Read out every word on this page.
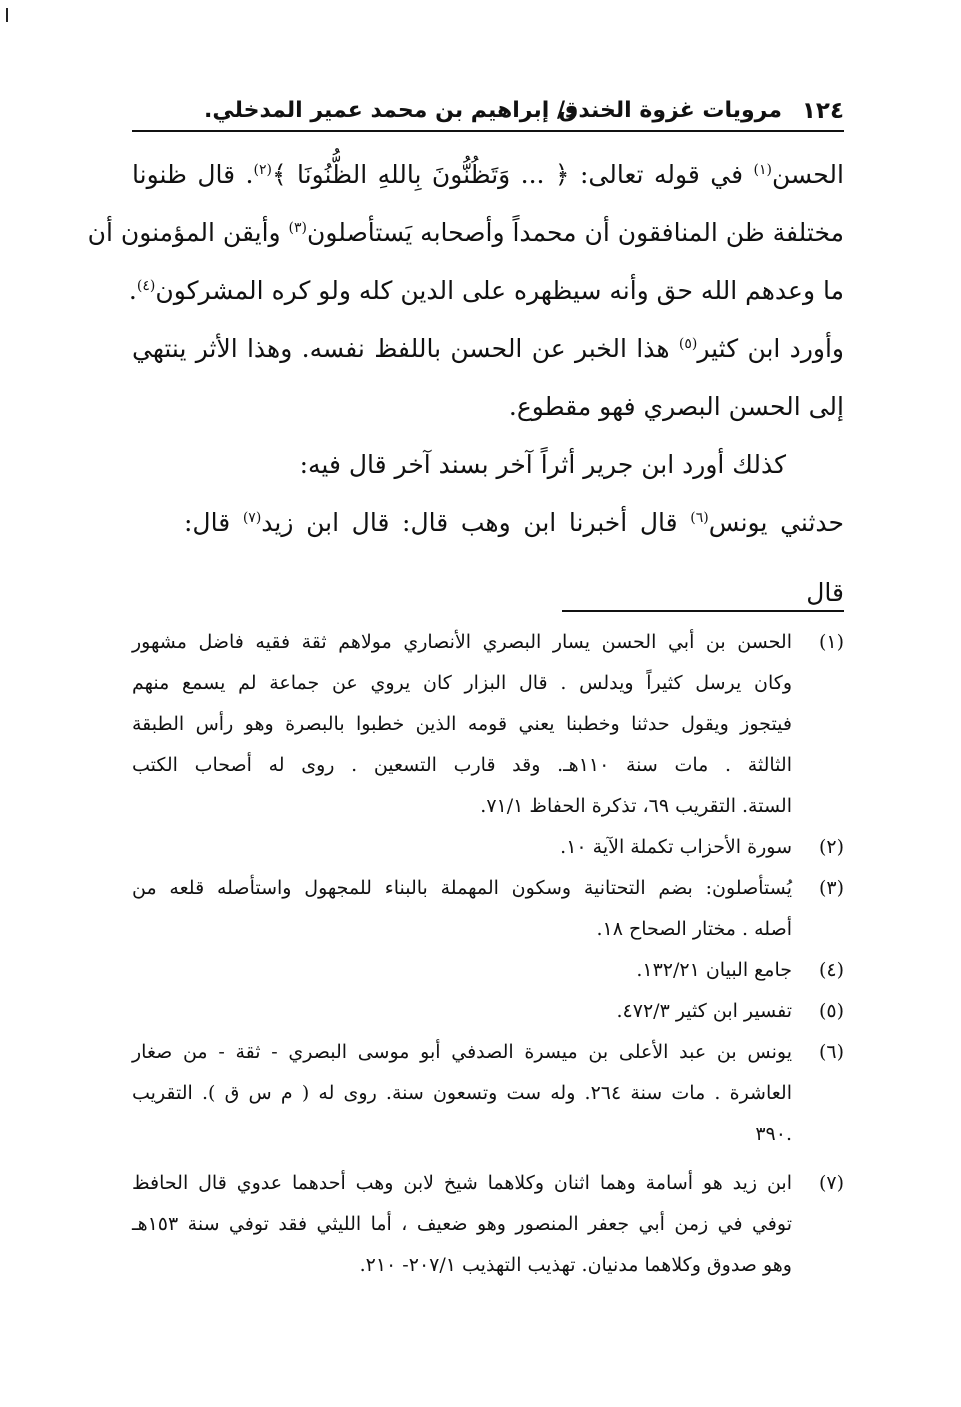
١٢٤
مرويات غزوة الخندق
د/ إبراهيم بن محمد عمير المدخلي.
الحسن$^{(١)}$ في قوله تعالى: ﴿ ... وَتَظُنُّونَ بِاللهِ الظُّنُونَا ﴾$^{(٢)}$. قال ظنونا
مختلفة ظن المنافقون أن محمداً وأصحابه يَستأصلون$^{(٣)}$ وأيقن المؤمنون أن
ما وعدهم الله حق وأنه سيظهره على الدين كله ولو كره المشركون$^{(٤)}$.
وأورد ابن كثير$^{(٥)}$ هذا الخبر عن الحسن باللفظ نفسه. وهذا الأثر ينتهي
إلى الحسن البصري فهو مقطوع.
كذلك أورد ابن جرير أثراً آخر بسند آخر قال فيه:
حدثني يونس$^{(٦)}$ قال أخبرنا ابن وهب قال: قال ابن زيد$^{(٧)}$ قال:
قال
(١)
الحسن بن أبي الحسن يسار البصري الأنصاري مولاهم ثقة فقيه فاضل مشهور
وكان يرسل كثيراً ويدلس . قال البزار كان يروي عن جماعة لم يسمع منهم
فيتجوز ويقول حدثنا وخطبنا يعني قومه الذين خطبوا بالبصرة وهو رأس الطبقة
الثالثة . مات سنة ١١٠هـ. وقد قارب التسعين . روى له أصحاب الكتب
الستة. التقريب ٦٩، تذكرة الحفاظ ٧١/١.
(٢)
سورة الأحزاب تكملة الآية ١٠.
(٣)
يُستأصلون: بضم التحتانية وسكون المهملة بالبناء للمجهول واستأصله قلعه من
أصله . مختار الصحاح ١٨.
(٤)
جامع البيان ١٣٢/٢١.
(٥)
تفسير ابن كثير ٤٧٢/٣.
(٦)
يونس بن عبد الأعلى بن ميسرة الصدفي أبو موسى البصري - ثقة - من صغار
العاشرة . مات سنة ٢٦٤. وله ست وتسعون سنة. روى له ( م س ق ). التقريب
.٣٩٠
(٧)
ابن زيد هو أسامة وهما اثنان وكلاهما شيخ لابن وهب أحدهما عدوي قال الحافظ
توفي في زمن أبي جعفر المنصور وهو ضعيف ، أما الليثي فقد توفي سنة ١٥٣هـ
وهو صدوق وكلاهما مدنيان. تهذيب التهذيب ٢٠٧/١- ٢١٠.
